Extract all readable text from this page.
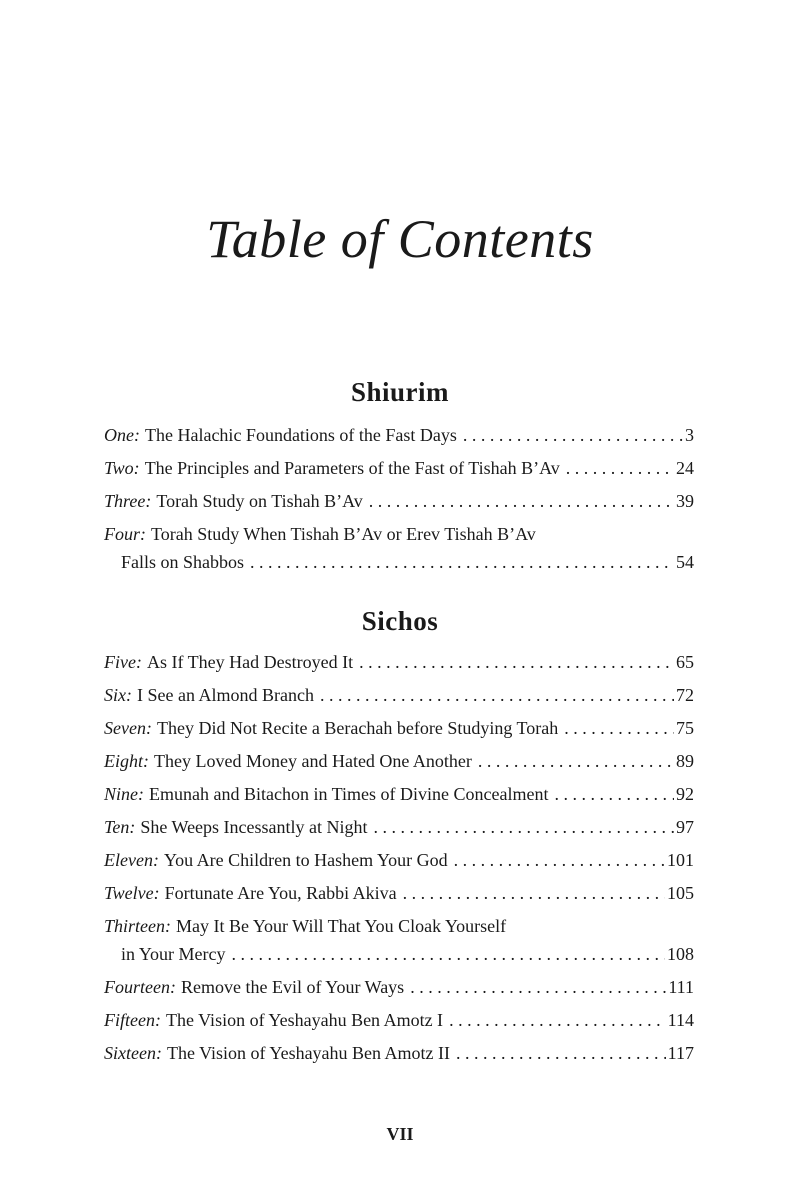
Table of Contents
Shiurim
One: The Halachic Foundations of the Fast Days . . .	3
Two: The Principles and Parameters of the Fast of Tishah B’Av . . .	24
Three: Torah Study on Tishah B’Av . . .	39
Four: Torah Study When Tishah B’Av or Erev Tishah B’Av
Falls on Shabbos . . .	54
Sichos
Five: As If They Had Destroyed It . . .	65
Six: I See an Almond Branch . . .	72
Seven: They Did Not Recite a Berachah before Studying Torah . . .	75
Eight: They Loved Money and Hated One Another . . .	89
Nine: Emunah and Bitachon in Times of Divine Concealment . . .	92
Ten: She Weeps Incessantly at Night . . .	97
Eleven: You Are Children to Hashem Your God . . .	101
Twelve: Fortunate Are You, Rabbi Akiva . . .	105
Thirteen: May It Be Your Will That You Cloak Yourself
in Your Mercy . . .	108
Fourteen: Remove the Evil of Your Ways . . .	111
Fifteen: The Vision of Yeshayahu Ben Amotz I . . .	114
Sixteen: The Vision of Yeshayahu Ben Amotz II . . .	117
VII
